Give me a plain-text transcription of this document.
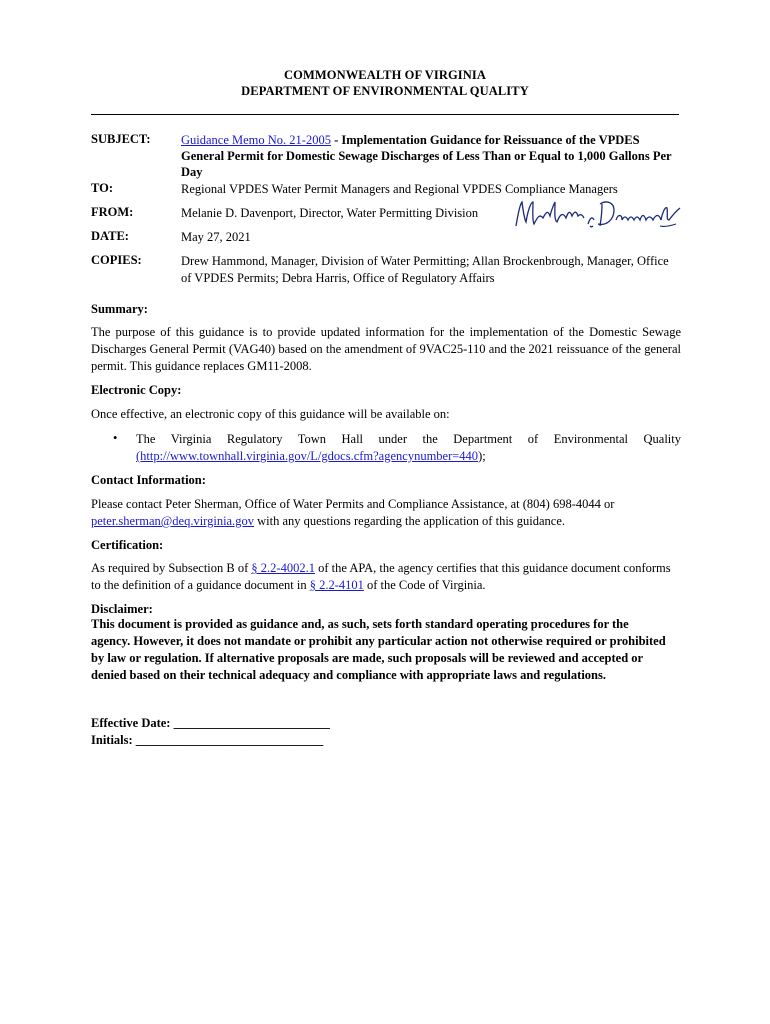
COMMONWEALTH OF VIRGINIA
DEPARTMENT OF ENVIRONMENTAL QUALITY
SUBJECT: Guidance Memo No. 21-2005 - Implementation Guidance for Reissuance of the VPDES General Permit for Domestic Sewage Discharges of Less Than or Equal to 1,000 Gallons Per Day
TO:	Regional VPDES Water Permit Managers and Regional VPDES Compliance Managers
FROM:	Melanie D. Davenport, Director, Water Permitting Division
Melanie D. Davenport
DATE:	May 27, 2021
COPIES:	Drew Hammond, Manager, Division of Water Permitting; Allan Brockenbrough, Manager, Office of VPDES Permits; Debra Harris, Office of Regulatory Affairs
Summary:
The purpose of this guidance is to provide updated information for the implementation of the Domestic Sewage Discharges General Permit (VAG40) based on the amendment of 9VAC25-110 and the 2021 reissuance of the general permit. This guidance replaces GM11-2008.
Electronic Copy:
Once effective, an electronic copy of this guidance will be available on:
• The Virginia Regulatory Town Hall under the Department of Environmental Quality (http://www.townhall.virginia.gov/L/gdocs.cfm?agencynumber=440);
Contact Information:
Please contact Peter Sherman, Office of Water Permits and Compliance Assistance, at (804) 698-4044 or peter.sherman@deq.virginia.gov with any questions regarding the application of this guidance.
Certification:
As required by Subsection B of § 2.2-4002.1 of the APA, the agency certifies that this guidance document conforms to the definition of a guidance document in § 2.2-4101 of the Code of Virginia.
Disclaimer:
This document is provided as guidance and, as such, sets forth standard operating procedures for the agency. However, it does not mandate or prohibit any particular action not otherwise required or prohibited by law or regulation. If alternative proposals are made, such proposals will be reviewed and accepted or denied based on their technical adequacy and compliance with appropriate laws and regulations.
Effective Date: _________________________
Initials: ______________________________
